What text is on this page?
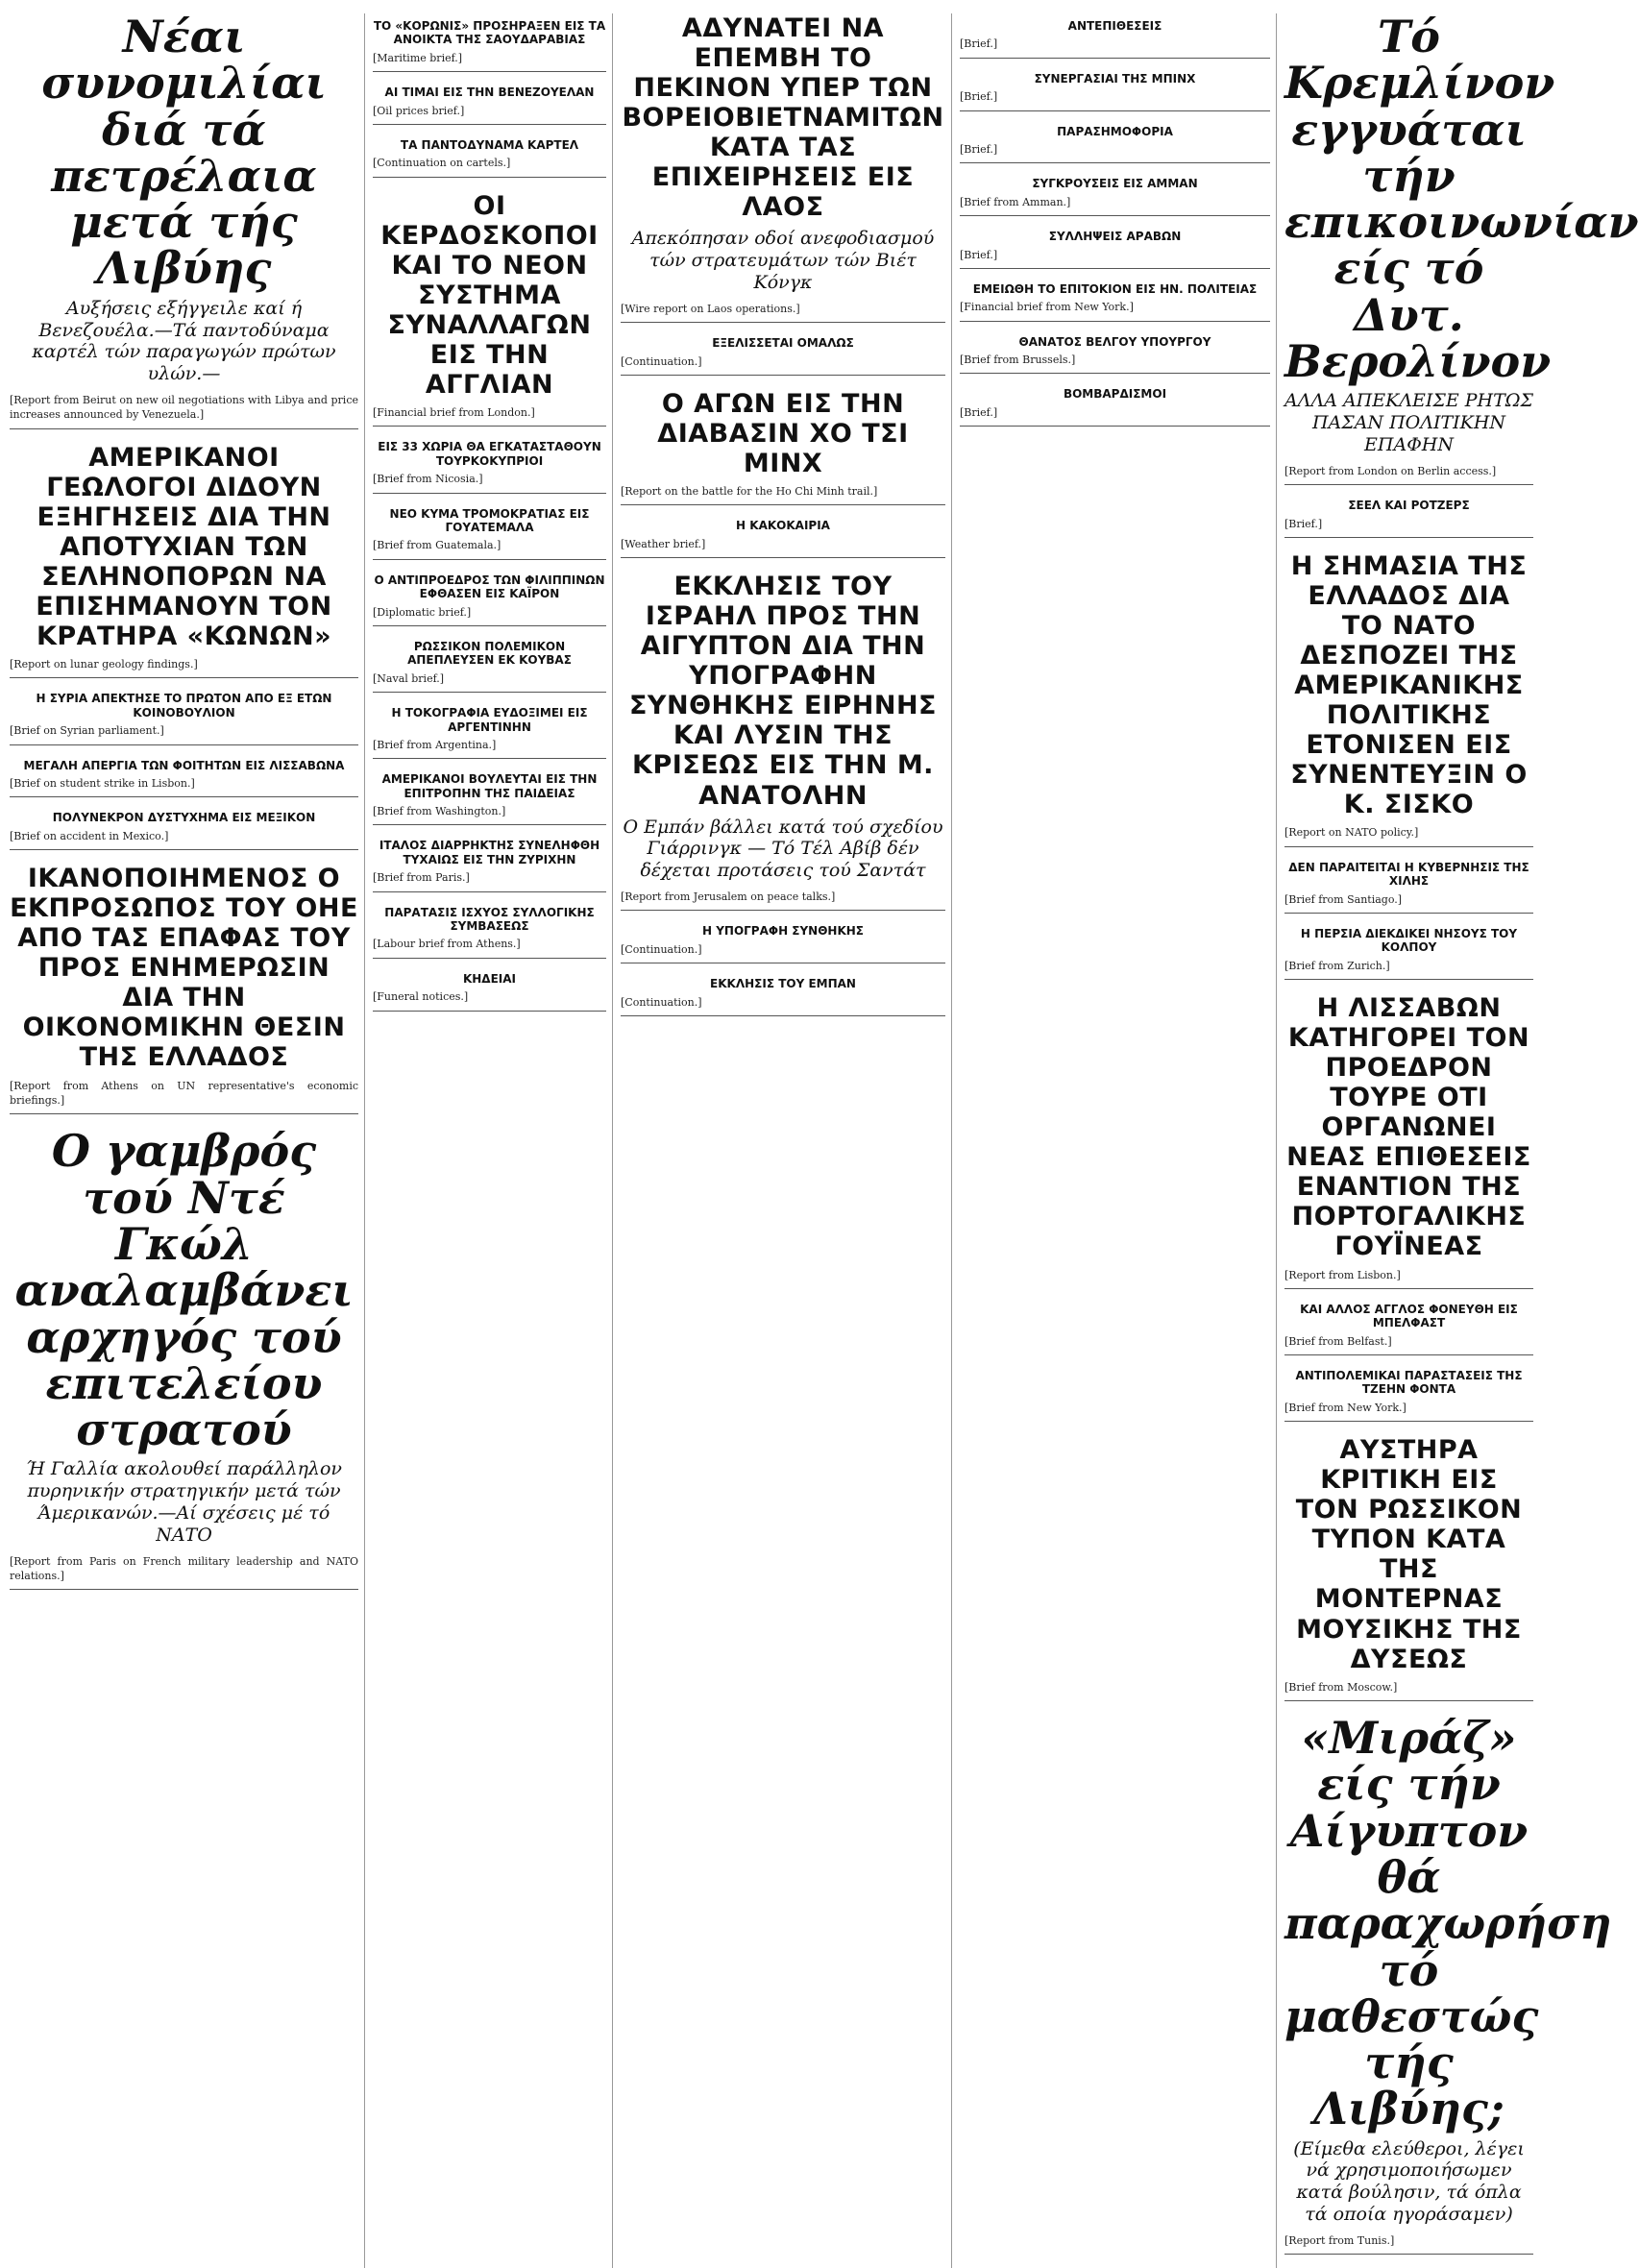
Νέαι συνομιλίαι διά τά πετρέλαια μετά τής Λιβύης
Αυξήσεις εξήγγειλε καί ή Βενεζουέλα.—Τά παντοδύναμα καρτέλ τών παραγωγών πρώτων υλών.—
[Report from Beirut on new oil negotiations with Libya and price increases announced by Venezuela.]
ΑΜΕΡΙΚΑΝΟΙ ΓΕΩΛΟΓΟΙ ΔΙΔΟΥΝ ΕΞΗΓΗΣΕΙΣ ΔΙΑ ΤΗΝ ΑΠΟΤΥΧΙΑΝ ΤΩΝ ΣΕΛΗΝΟΠΟΡΩΝ ΝΑ ΕΠΙΣΗΜΑΝΟΥΝ ΤΟΝ ΚΡΑΤΗΡΑ «ΚΩΝΩΝ»
[Report on lunar geology findings.]
Η ΣΥΡΙΑ ΑΠΕΚΤΗΣΕ ΤΟ ΠΡΩΤΟΝ ΑΠΟ ΕΞ ΕΤΩΝ ΚΟΙΝΟΒΟΥΛΙΟΝ
[Brief on Syrian parliament.]
ΜΕΓΑΛΗ ΑΠΕΡΓΙΑ ΤΩΝ ΦΟΙΤΗΤΩΝ ΕΙΣ ΛΙΣΣΑΒΩΝΑ
[Brief on student strike in Lisbon.]
ΠΟΛΥΝΕΚΡΟΝ ΔΥΣΤΥΧΗΜΑ ΕΙΣ ΜΕΞΙΚΟΝ
[Brief on accident in Mexico.]
ΙΚΑΝΟΠΟΙΗΜΕΝΟΣ Ο ΕΚΠΡΟΣΩΠΟΣ ΤΟΥ ΟΗΕ ΑΠΟ ΤΑΣ ΕΠΑΦΑΣ ΤΟΥ ΠΡΟΣ ΕΝΗΜΕΡΩΣΙΝ ΔΙΑ ΤΗΝ ΟΙΚΟΝΟΜΙΚΗΝ ΘΕΣΙΝ ΤΗΣ ΕΛΛΑΔΟΣ
[Report from Athens on UN representative's economic briefings.]
Ο γαμβρός τού Ντέ Γκώλ αναλαμβάνει αρχηγός τού επιτελείου στρατού
Ή Γαλλία ακολουθεί παράλληλον πυρηνικήν στρατηγικήν μετά τών Άμερικανών.—Αί σχέσεις μέ τό ΝΑΤΟ
[Report from Paris on French military leadership and NATO relations.]
ΤΟ «ΚΟΡΩΝΙΣ» ΠΡΟΣΗΡΑΞΕΝ ΕΙΣ ΤΑ ΑΝΟΙΚΤΑ ΤΗΣ ΣΑΟΥΔΑΡΑΒΙΑΣ
[Maritime brief.]
ΑΙ ΤΙΜΑΙ ΕΙΣ ΤΗΝ ΒΕΝΕΖΟΥΕΛΑΝ
[Oil prices brief.]
ΤΑ ΠΑΝΤΟΔΥΝΑΜΑ ΚΑΡΤΕΛ
[Continuation on cartels.]
ΟΙ ΚΕΡΔΟΣΚΟΠΟΙ ΚΑΙ ΤΟ ΝΕΟΝ ΣΥΣΤΗΜΑ ΣΥΝΑΛΛΑΓΩΝ ΕΙΣ ΤΗΝ ΑΓΓΛΙΑΝ
[Financial brief from London.]
ΕΙΣ 33 ΧΩΡΙΑ ΘΑ ΕΓΚΑΤΑΣΤΑΘΟΥΝ ΤΟΥΡΚΟΚΥΠΡΙΟΙ
[Brief from Nicosia.]
ΝΕΟ ΚΥΜΑ ΤΡΟΜΟΚΡΑΤΙΑΣ ΕΙΣ ΓΟΥΑΤΕΜΑΛΑ
[Brief from Guatemala.]
Ο ΑΝΤΙΠΡΟΕΔΡΟΣ ΤΩΝ ΦΙΛΙΠΠΙΝΩΝ ΕΦΘΑΣΕΝ ΕΙΣ ΚΑΪΡΟΝ
[Diplomatic brief.]
ΡΩΣΣΙΚΟΝ ΠΟΛΕΜΙΚΟΝ ΑΠΕΠΛΕΥΣΕΝ ΕΚ ΚΟΥΒΑΣ
[Naval brief.]
Η ΤΟΚΟΓΡΑΦΙΑ ΕΥΔΟΞΙΜΕΙ ΕΙΣ ΑΡΓΕΝΤΙΝΗΝ
[Brief from Argentina.]
ΑΜΕΡΙΚΑΝΟΙ ΒΟΥΛΕΥΤΑΙ ΕΙΣ ΤΗΝ ΕΠΙΤΡΟΠΗΝ ΤΗΣ ΠΑΙΔΕΙΑΣ
[Brief from Washington.]
ΙΤΑΛΟΣ ΔΙΑΡΡΗΚΤΗΣ ΣΥΝΕΛΗΦΘΗ ΤΥΧΑΙΩΣ ΕΙΣ ΤΗΝ ΖΥΡΙΧΗΝ
[Brief from Paris.]
ΠΑΡΑΤΑΣΙΣ ΙΣΧΥΟΣ ΣΥΛΛΟΓΙΚΗΣ ΣΥΜΒΑΣΕΩΣ
[Labour brief from Athens.]
ΚΗΔΕΙΑΙ
[Funeral notices.]
ΑΔΥΝΑΤΕΙ ΝΑ ΕΠΕΜΒΗ ΤΟ ΠΕΚΙΝΟΝ ΥΠΕΡ ΤΩΝ ΒΟΡΕΙΟΒΙΕΤΝΑΜΙΤΩΝ ΚΑΤΑ ΤΑΣ ΕΠΙΧΕΙΡΗΣΕΙΣ ΕΙΣ ΛΑΟΣ
Απεκόπησαν οδοί ανεφοδιασμού τών στρατευμάτων τών Βιέτ Κόνγκ
[Wire report on Laos operations.]
ΕΞΕΛΙΣΣΕΤΑΙ ΟΜΑΛΩΣ
[Continuation.]
Ο ΑΓΩΝ ΕΙΣ ΤΗΝ ΔΙΑΒΑΣΙΝ ΧΟ ΤΣΙ ΜΙΝΧ
[Report on the battle for the Ho Chi Minh trail.]
Η ΚΑΚΟΚΑΙΡΙΑ
[Weather brief.]
ΕΚΚΛΗΣΙΣ ΤΟΥ ΙΣΡΑΗΛ ΠΡΟΣ ΤΗΝ ΑΙΓΥΠΤΟΝ ΔΙΑ ΤΗΝ ΥΠΟΓΡΑΦΗΝ ΣΥΝΘΗΚΗΣ ΕΙΡΗΝΗΣ ΚΑΙ ΛΥΣΙΝ ΤΗΣ ΚΡΙΣΕΩΣ ΕΙΣ ΤΗΝ Μ. ΑΝΑΤΟΛΗΝ
Ο Εμπάν βάλλει κατά τού σχεδίου Γιάρρινγκ — Τό Τέλ Αβίβ δέν δέχεται προτάσεις τού Σαντάτ
[Report from Jerusalem on peace talks.]
Η ΥΠΟΓΡΑΦΗ ΣΥΝΘΗΚΗΣ
[Continuation.]
ΕΚΚΛΗΣΙΣ ΤΟΥ ΕΜΠΑΝ
[Continuation.]
ΑΝΤΕΠΙΘΕΣΕΙΣ
[Brief.]
ΣΥΝΕΡΓΑΣΙΑΙ ΤΗΣ ΜΠΙΝΧ
[Brief.]
ΠΑΡΑΣΗΜΟΦΟΡΙΑ
[Brief.]
ΣΥΓΚΡΟΥΣΕΙΣ ΕΙΣ ΑΜΜΑΝ
[Brief from Amman.]
ΣΥΛΛΗΨΕΙΣ ΑΡΑΒΩΝ
[Brief.]
ΕΜΕΙΩΘΗ ΤΟ ΕΠΙΤΟΚΙΟΝ ΕΙΣ ΗΝ. ΠΟΛΙΤΕΙΑΣ
[Financial brief from New York.]
ΘΑΝΑΤΟΣ ΒΕΛΓΟΥ ΥΠΟΥΡΓΟΥ
[Brief from Brussels.]
ΒΟΜΒΑΡΔΙΣΜΟΙ
[Brief.]
Τό Κρεμλίνον εγγυάται τήν επικοινωνίαν είς τό Δυτ. Βερολίνον
ΑΛΛΑ ΑΠΕΚΛΕΙΣΕ ΡΗΤΩΣ ΠΑΣΑΝ ΠΟΛΙΤΙΚΗΝ ΕΠΑΦΗΝ
[Report from London on Berlin access.]
ΣΕΕΛ ΚΑΙ ΡΟΤΖΕΡΣ
[Brief.]
Η ΣΗΜΑΣΙΑ ΤΗΣ ΕΛΛΑΔΟΣ ΔΙΑ ΤΟ ΝΑΤΟ ΔΕΣΠΟΖΕΙ ΤΗΣ ΑΜΕΡΙΚΑΝΙΚΗΣ ΠΟΛΙΤΙΚΗΣ ΕΤΟΝΙΣΕΝ ΕΙΣ ΣΥΝΕΝΤΕΥΞΙΝ Ο Κ. ΣΙΣΚΟ
[Report on NATO policy.]
ΔΕΝ ΠΑΡΑΙΤΕΙΤΑΙ Η ΚΥΒΕΡΝΗΣΙΣ ΤΗΣ ΧΙΛΗΣ
[Brief from Santiago.]
Η ΠΕΡΣΙΑ ΔΙΕΚΔΙΚΕΙ ΝΗΣΟΥΣ ΤΟΥ ΚΟΛΠΟΥ
[Brief from Zurich.]
Η ΛΙΣΣΑΒΩΝ ΚΑΤΗΓΟΡΕΙ ΤΟΝ ΠΡΟΕΔΡΟΝ ΤΟΥΡΕ ΟΤΙ ΟΡΓΑΝΩΝΕΙ ΝΕΑΣ ΕΠΙΘΕΣΕΙΣ ΕΝΑΝΤΙΟΝ ΤΗΣ ΠΟΡΤΟΓΑΛΙΚΗΣ ΓΟΥΪΝΕΑΣ
[Report from Lisbon.]
ΚΑΙ ΑΛΛΟΣ ΑΓΓΛΟΣ ΦΟΝΕΥΘΗ ΕΙΣ ΜΠΕΛΦΑΣΤ
[Brief from Belfast.]
ΑΝΤΙΠΟΛΕΜΙΚΑΙ ΠΑΡΑΣΤΑΣΕΙΣ ΤΗΣ ΤΖΕΗΝ ΦΟΝΤΑ
[Brief from New York.]
ΑΥΣΤΗΡΑ ΚΡΙΤΙΚΗ ΕΙΣ ΤΟΝ ΡΩΣΣΙΚΟΝ ΤΥΠΟΝ ΚΑΤΑ ΤΗΣ ΜΟΝΤΕΡΝΑΣ ΜΟΥΣΙΚΗΣ ΤΗΣ ΔΥΣΕΩΣ
[Brief from Moscow.]
«Μιράζ» είς τήν Αίγυπτον θά παραχωρήση τό μαθεστώς τής Λιβύης;
(Είμεθα ελεύθεροι, λέγει νά χρησιμοποιήσωμεν κατά βούλησιν, τά όπλα τά οποία ηγοράσαμεν)
[Report from Tunis.]
